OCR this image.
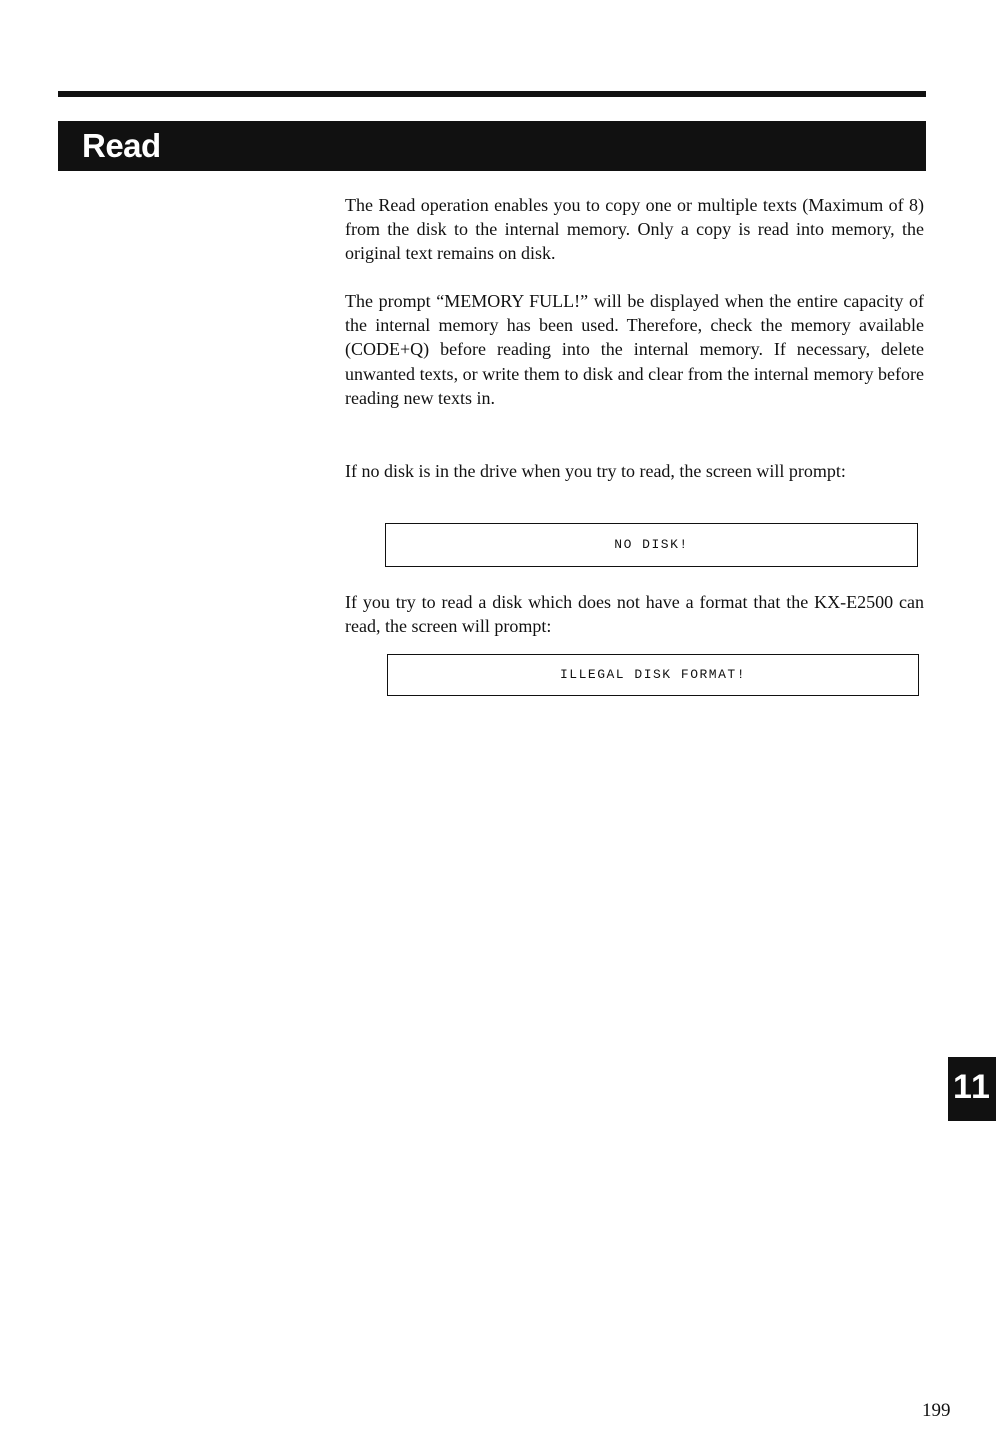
Read

The Read operation enables you to copy one or multiple texts (Maximum of 8) from the disk to the internal memory. Only a copy is read into memory, the original text remains on disk.

The prompt “MEMORY FULL!” will be displayed when the entire capacity of the internal memory has been used. Therefore, check the memory available (CODE+Q) before reading into the internal memory. If necessary, delete unwanted texts, or write them to disk and clear from the internal memory before reading new texts in.

If no disk is in the drive when you try to read, the screen will prompt:

NO DISK!

If you try to read a disk which does not have a format that the KX-E2500 can read, the screen will prompt:

ILLEGAL DISK FORMAT!
11
199
